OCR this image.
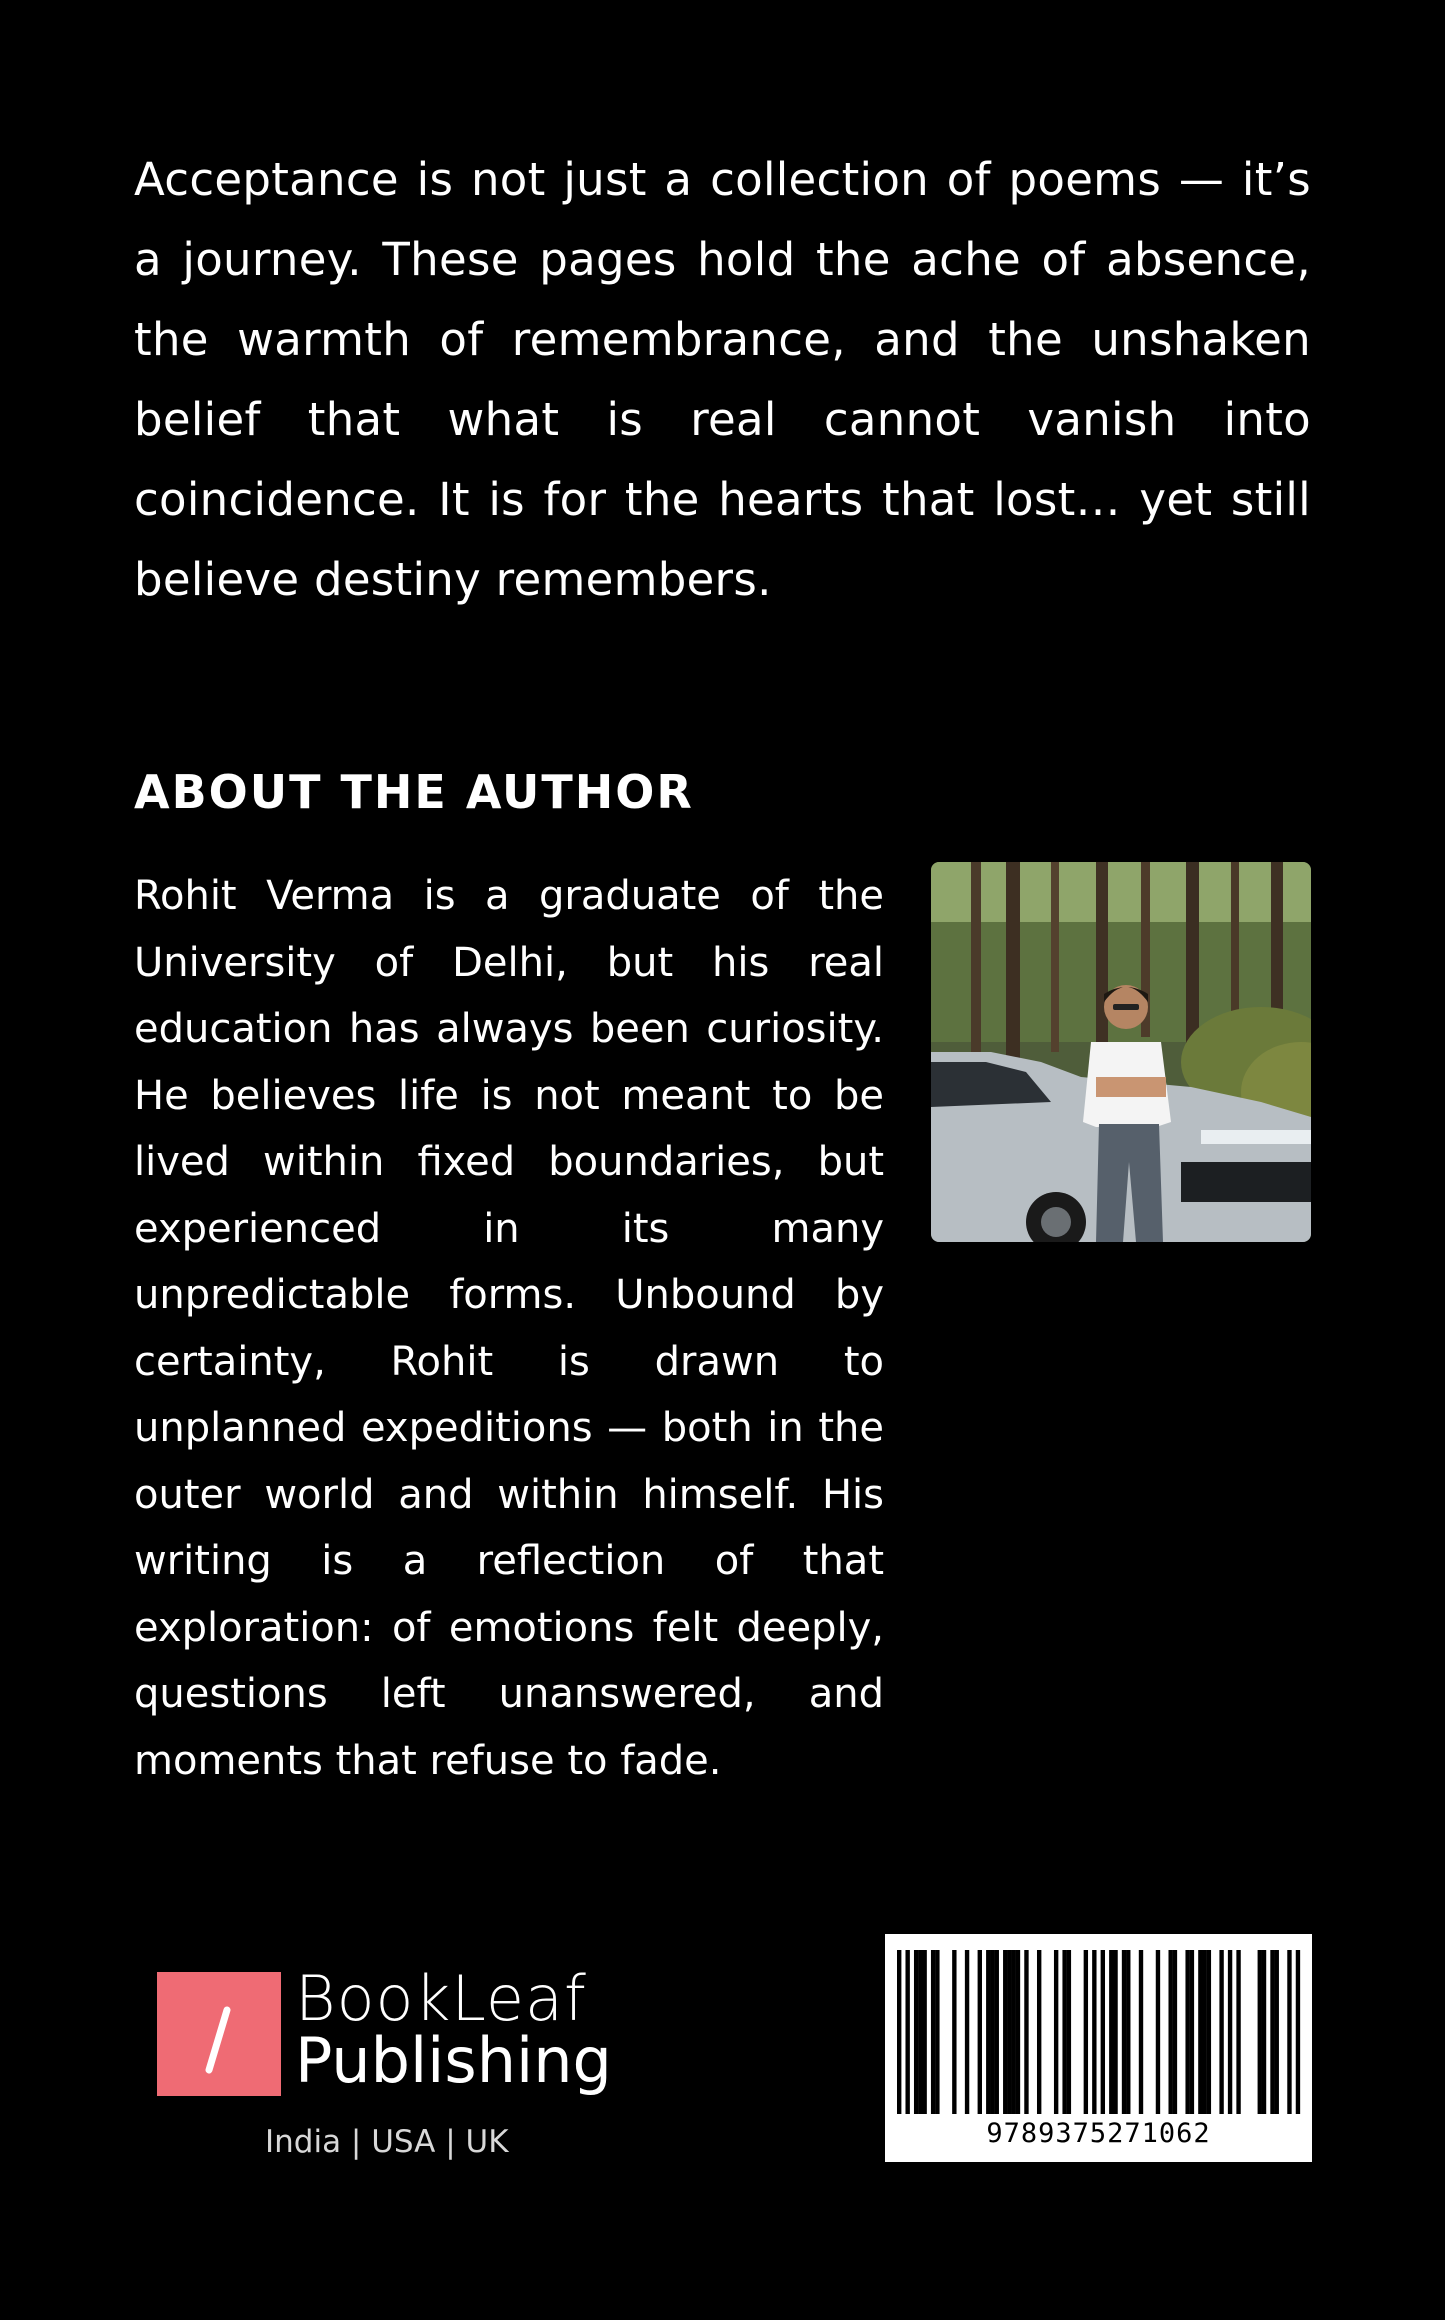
Acceptance is not just a collection of poems — it’s a journey. These pages hold the ache of absence, the warmth of remembrance, and the unshaken belief that what is real cannot vanish into coincidence. It is for the hearts that lost… yet still believe destiny remembers.

ABOUT THE AUTHOR

Rohit Verma is a graduate of the University of Delhi, but his real education has always been curiosity. He believes life is not meant to be lived within fixed boundaries, but experienced in its many unpredictable forms. Unbound by certainty, Rohit is drawn to unplanned expeditions — both in the outer world and within himself. His writing is a reflection of that exploration: of emotions felt deeply, questions left unanswered, and moments that refuse to fade.

BookLeaf
Publishing
India | USA | UK	9789375271062
